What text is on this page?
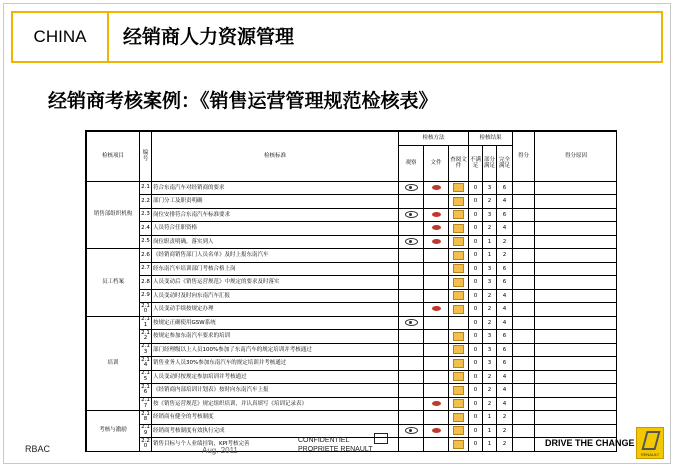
CHINA	经销商人力资源管理
经销商考核案例：《销售运营管理规范检核表》
检核项目	编号	检核标准	检核方法			检核结果			得分	得分原因
			观察	文件	查阅文件	不满足	部分满足	完全满足		
销售部组织机构	2.1	符合东南汽车对经销商的要求				0	3	6		
	2.2	部门分工及职责明确				0	2	4		
	2.3	岗位安排符合东南汽车标准要求				0	3	6		
	2.4	人员符合任职资格				0	2	4		
	2.5	岗位职责明确，落实到人				0	1	2		
员工档案	2.6	《经销商销售部门人员名单》及时上报东南汽车				0	1	2		
	2.7	经东南汽车培训部门考核合格上岗				0	3	6		
	2.8	人员变动后《销售运营规范》中规定的要求及时落实				0	3	6		
	2.9	人员变动时及时向东南汽车汇报				0	2	4		
	2.10	人员变动手续按规定办理				0	2	4		
培训	2.11	按规定正确使用GSW系统				0	2	4		
	2.12	按规定参加东南汽车要求的培训				0	3	6		
	2.13	部门经理级以上人员100%参加了东南汽车的规定培训并考核通过				0	3	6		
	2.14	销售业务人员30%参加东南汽车的规定培训并考核通过				0	3	6		
	2.15	人员变动时按规定参加培训并考核通过				0	2	4		
	2.16	《经销商内部培训计划表》按时向东南汽车上报				0	2	4		
	2.17	按《销售运营规范》规定组织培训，并认真填写《培训记录表》				0	2	4		
考核与激励	2.18	经销商有健全的考核制度				0	1	2		
	2.19	经销商考核制度有效执行完成				0	1	2		
	2.20	销售目标与个人业绩挂钩，KPI考核完善				0	1	2		
RBAC	Aug. 2011
CONFIDENTIEL
PROPRIETE RENAULT
DRIVE THE CHANGE
RENAULT
